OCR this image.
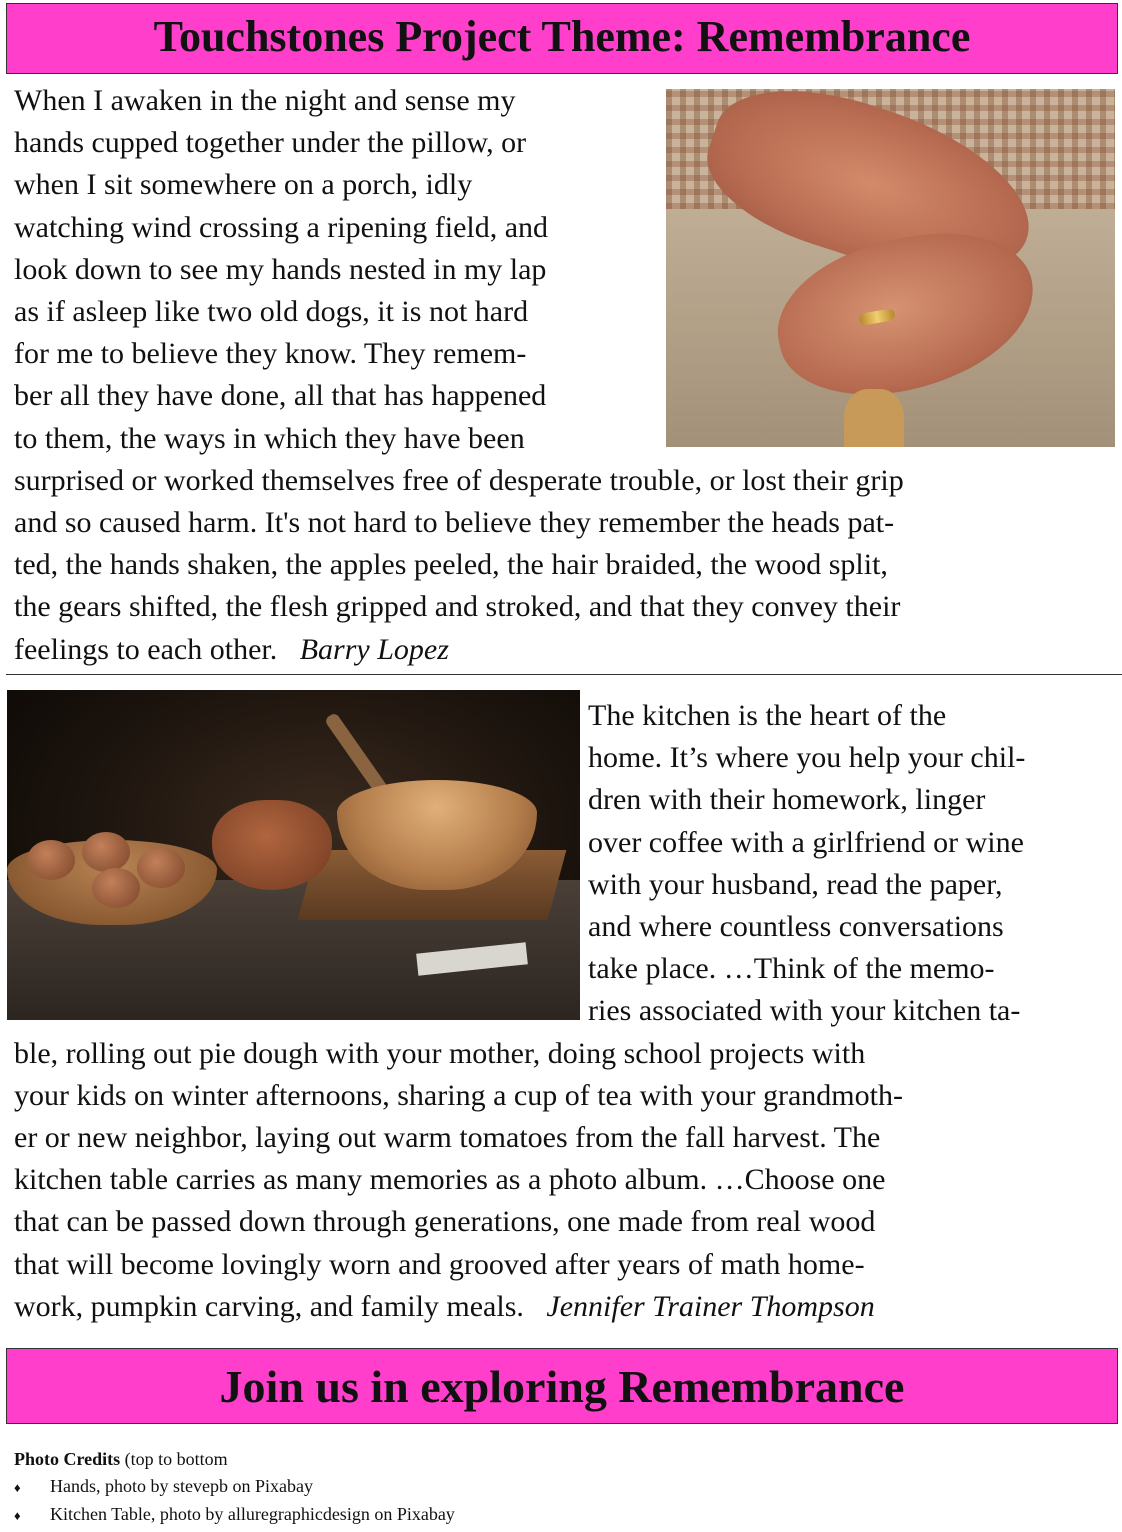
Touchstones Project Theme: Remembrance
When I awaken in the night and sense my
hands cupped together under the pillow, or
when I sit somewhere on a porch, idly
watching wind crossing a ripening field, and
look down to see my hands nested in my lap
as if asleep like two old dogs, it is not hard
for me to believe they know. They remem-
ber all they have done, all that has happened
to them, the ways in which they have been
surprised or worked themselves free of desperate trouble, or lost their grip
and so caused harm. It's not hard to believe they remember the heads pat-
ted, the hands shaken, the apples peeled, the hair braided, the wood split,
the gears shifted, the flesh gripped and stroked, and that they convey their
feelings to each other. Barry Lopez
The kitchen is the heart of the
home. It’s where you help your chil-
dren with their homework, linger
over coffee with a girlfriend or wine
with your husband, read the paper,
and where countless conversations
take place. …Think of the memo-
ries associated with your kitchen ta-
ble, rolling out pie dough with your mother, doing school projects with
your kids on winter afternoons, sharing a cup of tea with your grandmoth-
er or new neighbor, laying out warm tomatoes from the fall harvest. The
kitchen table carries as many memories as a photo album. …Choose one
that can be passed down through generations, one made from real wood
that will become lovingly worn and grooved after years of math home-
work, pumpkin carving, and family meals. Jennifer Trainer Thompson
Join us in exploring Remembrance
Photo Credits (top to bottom
♦ Hands, photo by stevepb on Pixabay
♦ Kitchen Table, photo by alluregraphicdesign on Pixabay
